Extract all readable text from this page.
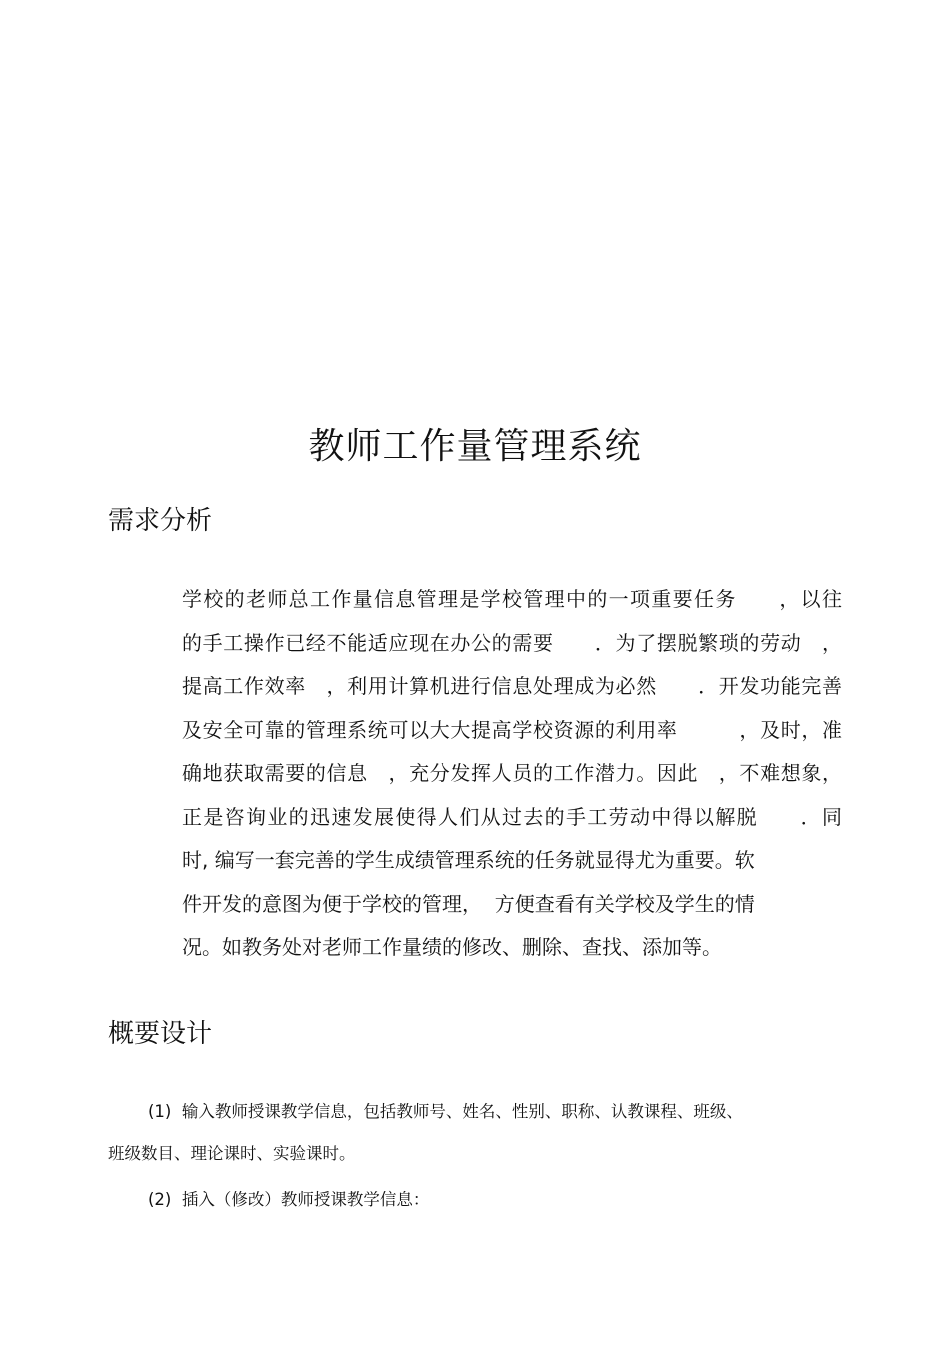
教师工作量管理系统
需求分析
学校的老师总工作量信息管理是学校管理中的一项重要任务　　，以往
的手工操作已经不能适应现在办公的需要　　．为了摆脱繁琐的劳动　，
提高工作效率　，利用计算机进行信息处理成为必然　　．开发功能完善
及安全可靠的管理系统可以大大提高学校资源的利用率　　　，及时，准
确地获取需要的信息　，充分发挥人员的工作潜力。因此　，不难想象，
正是咨询业的迅速发展使得人们从过去的手工劳动中得以解脱　　．同
时, 编写一套完善的学生成绩管理系统的任务就显得尤为重要。软
件开发的意图为便于学校的管理，  方便查看有关学校及学生的情
况。如教务处对老师工作量绩的修改、删除、查找、添加等。
概要设计
(1)  输入教师授课教学信息，包括教师号、姓名、性别、职称、认教课程、班级、
班级数目、理论课时、实验课时。
(2)  插入（修改）教师授课教学信息：
